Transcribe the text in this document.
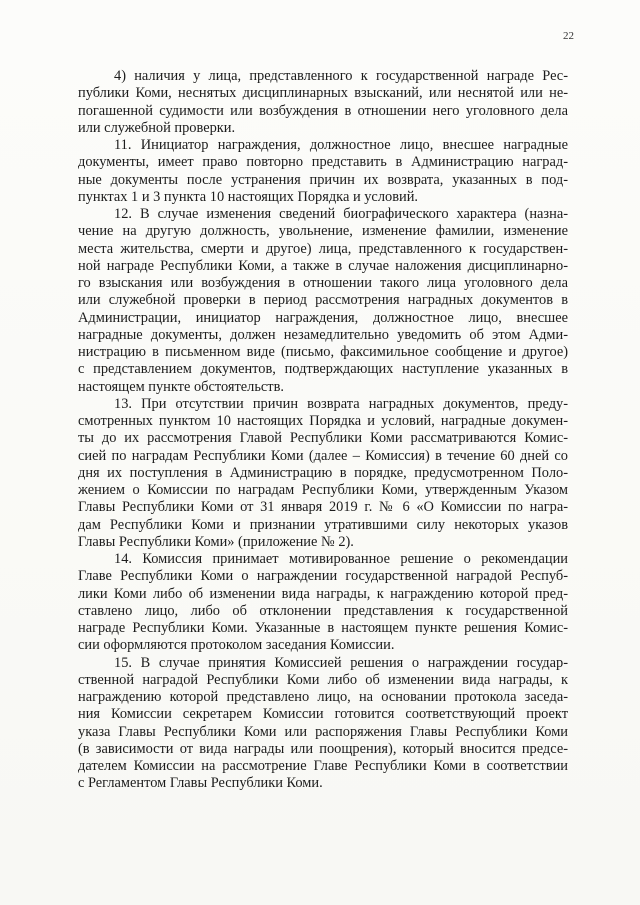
22
4) наличия у лица, представленного к государственной награде Рес-
публики Коми, неснятых дисциплинарных взысканий, или неснятой или не-
погашенной судимости или возбуждения в отношении него уголовного дела
или служебной проверки.
11. Инициатор награждения, должностное лицо, внесшее наградные
документы, имеет право повторно представить в Администрацию наград-
ные документы после устранения причин их возврата, указанных в под-
пунктах 1 и 3 пункта 10 настоящих Порядка и условий.
12. В случае изменения сведений биографического характера (назна-
чение на другую должность, увольнение, изменение фамилии, изменение
места жительства, смерти и другое) лица, представленного к государствен-
ной награде Республики Коми, а также в случае наложения дисциплинарно-
го взыскания или возбуждения в отношении такого лица уголовного дела
или служебной проверки в период рассмотрения наградных документов в
Администрации, инициатор награждения, должностное лицо, внесшее
наградные документы, должен незамедлительно уведомить об этом Адми-
нистрацию в письменном виде (письмо, факсимильное сообщение и другое)
с представлением документов, подтверждающих наступление указанных в
настоящем пункте обстоятельств.
13. При отсутствии причин возврата наградных документов, преду-
смотренных пунктом 10 настоящих Порядка и условий, наградные докумен-
ты до их рассмотрения Главой Республики Коми рассматриваются Комис-
сией по наградам Республики Коми (далее – Комиссия) в течение 60 дней со
дня их поступления в Администрацию в порядке, предусмотренном Поло-
жением о Комиссии по наградам Республики Коми, утвержденным Указом
Главы Республики Коми от 31 января 2019 г. № 6 «О Комиссии по награ-
дам Республики Коми и признании утратившими силу некоторых указов
Главы Республики Коми» (приложение № 2).
14. Комиссия принимает мотивированное решение о рекомендации
Главе Республики Коми о награждении государственной наградой Респуб-
лики Коми либо об изменении вида награды, к награждению которой пред-
ставлено лицо, либо об отклонении представления к государственной
награде Республики Коми. Указанные в настоящем пункте решения Комис-
сии оформляются протоколом заседания Комиссии.
15. В случае принятия Комиссией решения о награждении государ-
ственной наградой Республики Коми либо об изменении вида награды, к
награждению которой представлено лицо, на основании протокола заседа-
ния Комиссии секретарем Комиссии готовится соответствующий проект
указа Главы Республики Коми или распоряжения Главы Республики Коми
(в зависимости от вида награды или поощрения), который вносится предсе-
дателем Комиссии на рассмотрение Главе Республики Коми в соответствии
с Регламентом Главы Республики Коми.
